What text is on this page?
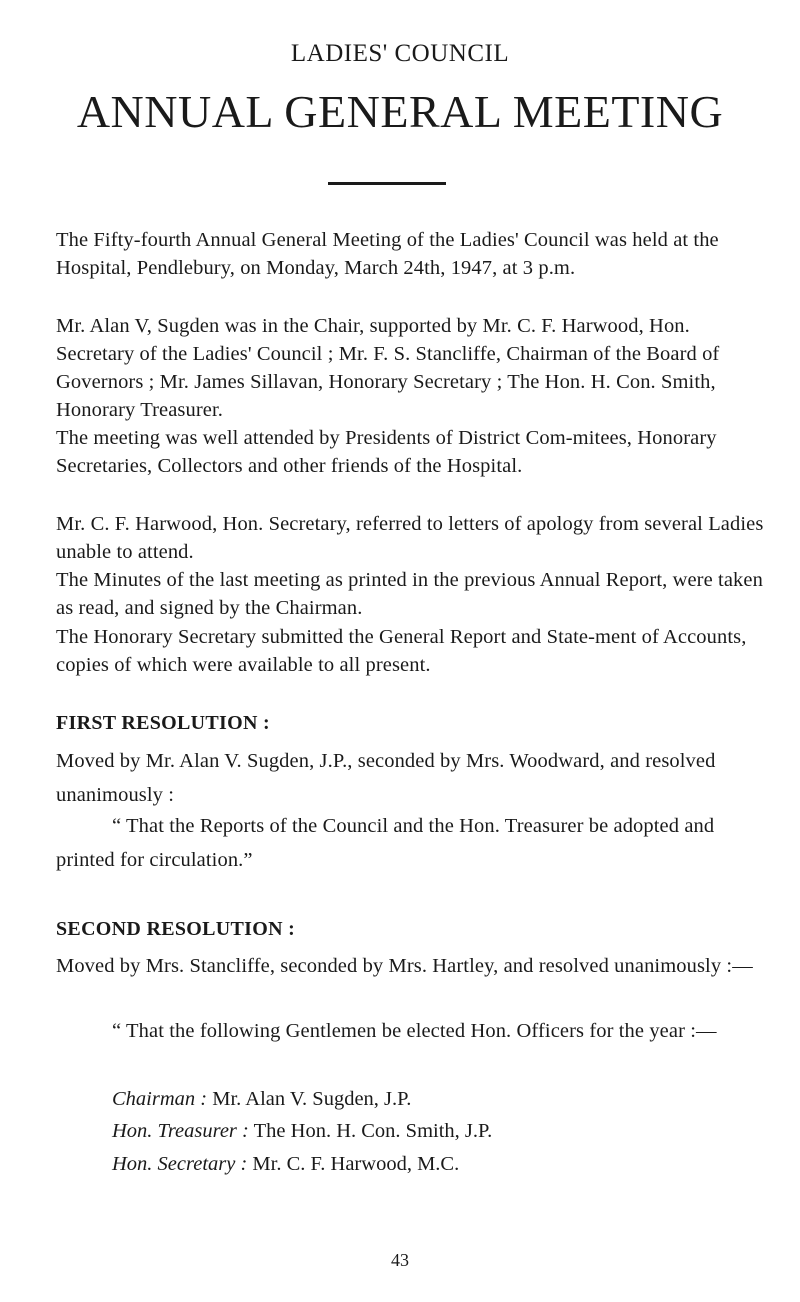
LADIES' COUNCIL
ANNUAL GENERAL MEETING
The Fifty-fourth Annual General Meeting of the Ladies' Council was held at the Hospital, Pendlebury, on Monday, March 24th, 1947, at 3 p.m.
Mr. Alan V, Sugden was in the Chair, supported by Mr. C. F. Harwood, Hon. Secretary of the Ladies' Council ; Mr. F. S. Stancliffe, Chairman of the Board of Governors ; Mr. James Sillavan, Honorary Secretary ; The Hon. H. Con. Smith, Honorary Treasurer.
The meeting was well attended by Presidents of District Com-mitees, Honorary Secretaries, Collectors and other friends of the Hospital.
Mr. C. F. Harwood, Hon. Secretary, referred to letters of apology from several Ladies unable to attend.
The Minutes of the last meeting as printed in the previous Annual Report, were taken as read, and signed by the Chairman.
The Honorary Secretary submitted the General Report and State-ment of Accounts, copies of which were available to all present.
FIRST RESOLUTION :
Moved by Mr. Alan V. Sugden, J.P., seconded by Mrs. Woodward, and resolved unanimously :
“ That the Reports of the Council and the Hon. Treasurer be adopted and printed for circulation.”
SECOND RESOLUTION :
Moved by Mrs. Stancliffe, seconded by Mrs. Hartley, and resolved unanimously :—
“ That the following Gentlemen be elected Hon. Officers for the year :—
Chairman : Mr. Alan V. Sugden, J.P.
Hon. Treasurer : The Hon. H. Con. Smith, J.P.
Hon. Secretary : Mr. C. F. Harwood, M.C.
43
